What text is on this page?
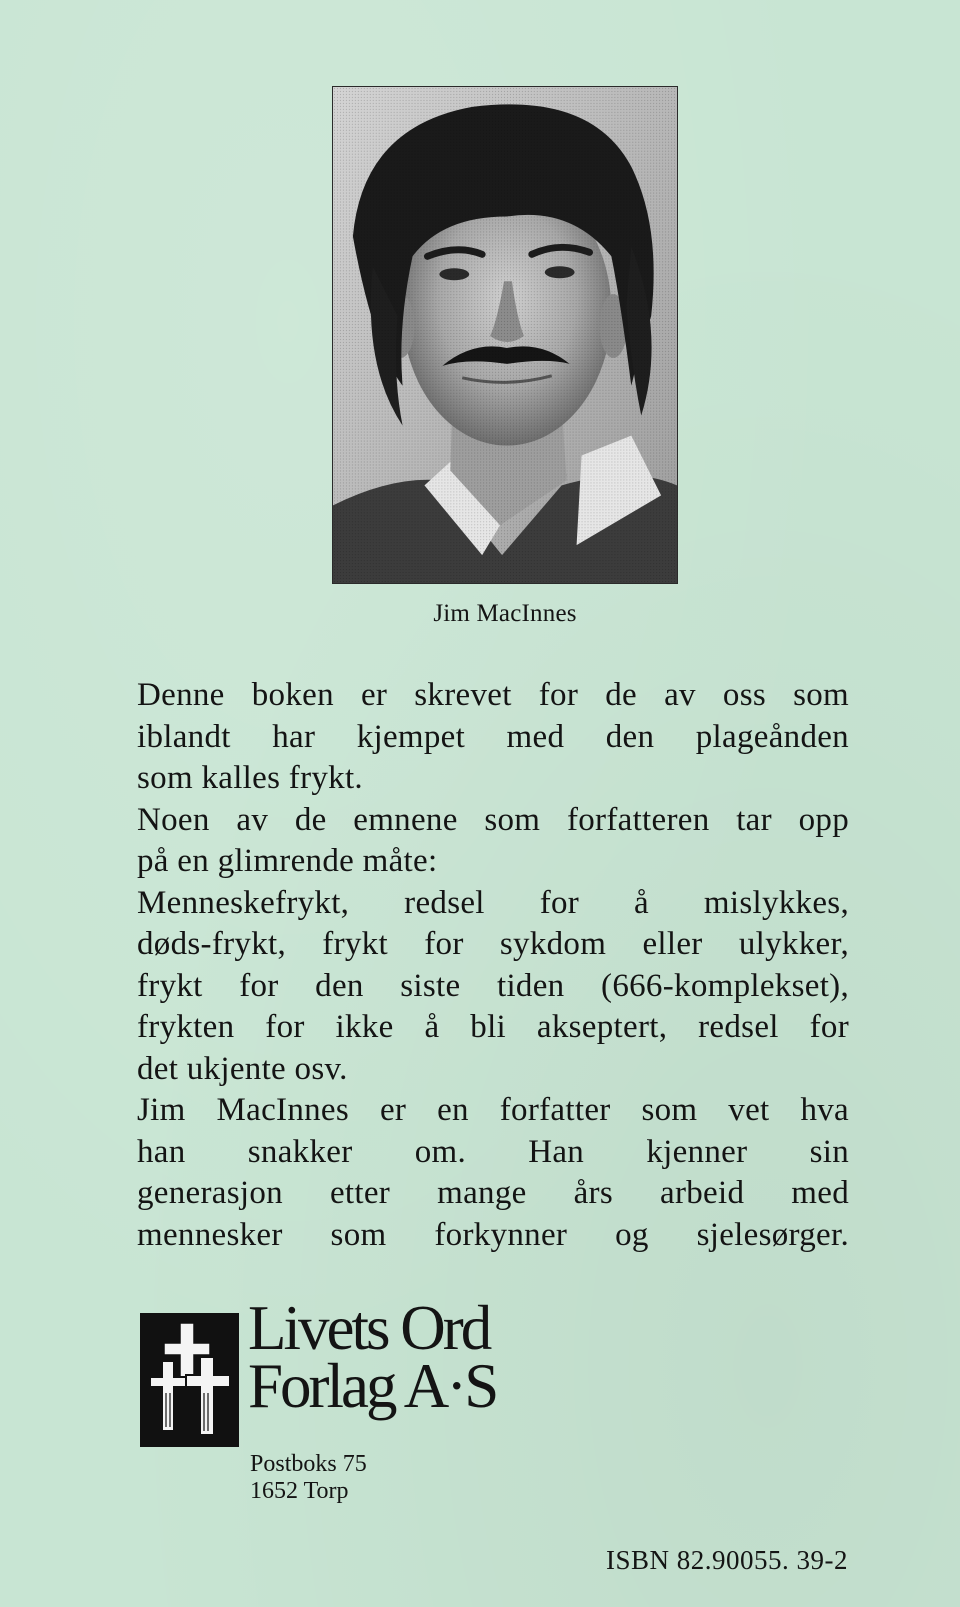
Jim MacInnes

Denne boken er skrevet for de av oss som
iblandt har kjempet med den plageånden
som kalles frykt.

Noen av de emnene som forfatteren tar opp
på en glimrende måte:

Menneskefrykt, redsel for å mislykkes,
døds-frykt, frykt for sykdom eller ulykker,
frykt for den siste tiden (666-komplekset),
frykten for ikke å bli akseptert, redsel for
det ukjente osv.

Jim MacInnes er en forfatter som vet hva
han snakker om. Han kjenner sin
generasjon etter mange års arbeid med
mennesker som forkynner og sjelesørger.

Livets Ord
Forlag A·S
Postboks 75
1652 Torp
ISBN 82.90055. 39-2
